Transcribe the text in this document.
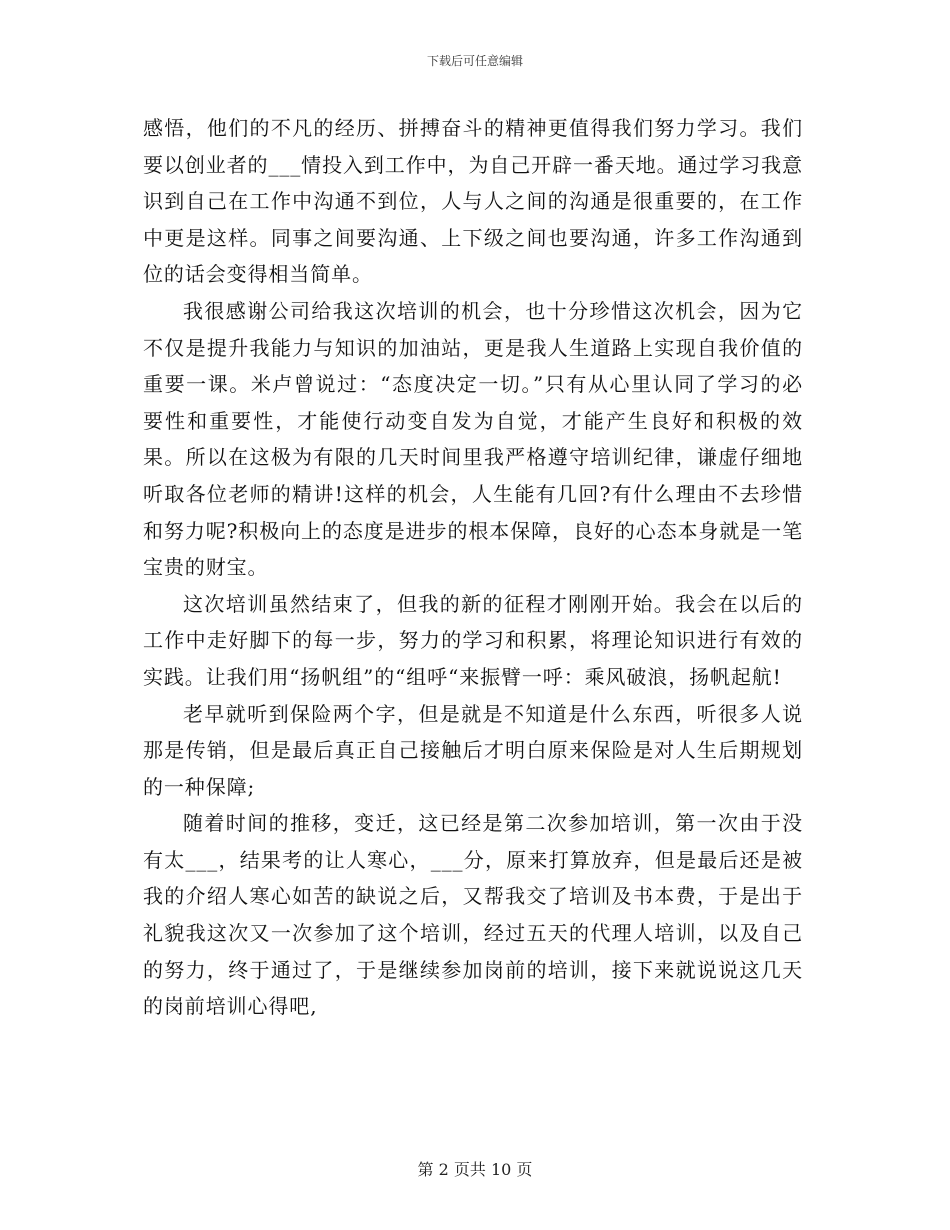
下载后可任意编辑

感悟，他们的不凡的经历、拼搏奋斗的精神更值得我们努力学习。我们要以创业者的___情投入到工作中，为自己开辟一番天地。通过学习我意识到自己在工作中沟通不到位，人与人之间的沟通是很重要的，在工作中更是这样。同事之间要沟通、上下级之间也要沟通，许多工作沟通到位的话会变得相当简单。

我很感谢公司给我这次培训的机会，也十分珍惜这次机会，因为它不仅是提升我能力与知识的加油站，更是我人生道路上实现自我价值的重要一课。米卢曾说过：“态度决定一切。”只有从心里认同了学习的必要性和重要性，才能使行动变自发为自觉，才能产生良好和积极的效果。所以在这极为有限的几天时间里我严格遵守培训纪律，谦虚仔细地听取各位老师的精讲!这样的机会，人生能有几回?有什么理由不去珍惜和努力呢?积极向上的态度是进步的根本保障，良好的心态本身就是一笔宝贵的财宝。

这次培训虽然结束了，但我的新的征程才刚刚开始。我会在以后的工作中走好脚下的每一步，努力的学习和积累，将理论知识进行有效的实践。让我们用“扬帆组”的“组呼“来振臂一呼：乘风破浪，扬帆起航!

老早就听到保险两个字，但是就是不知道是什么东西，听很多人说那是传销，但是最后真正自己接触后才明白原来保险是对人生后期规划的一种保障;

随着时间的推移，变迁，这已经是第二次参加培训，第一次由于没有太___，结果考的让人寒心，___分，原来打算放弃，但是最后还是被我的介绍人寒心如苦的缺说之后，又帮我交了培训及书本费，于是出于礼貌我这次又一次参加了这个培训，经过五天的代理人培训，以及自己的努力，终于通过了，于是继续参加岗前的培训，接下来就说说这几天的岗前培训心得吧,

第 2 页共 10 页
